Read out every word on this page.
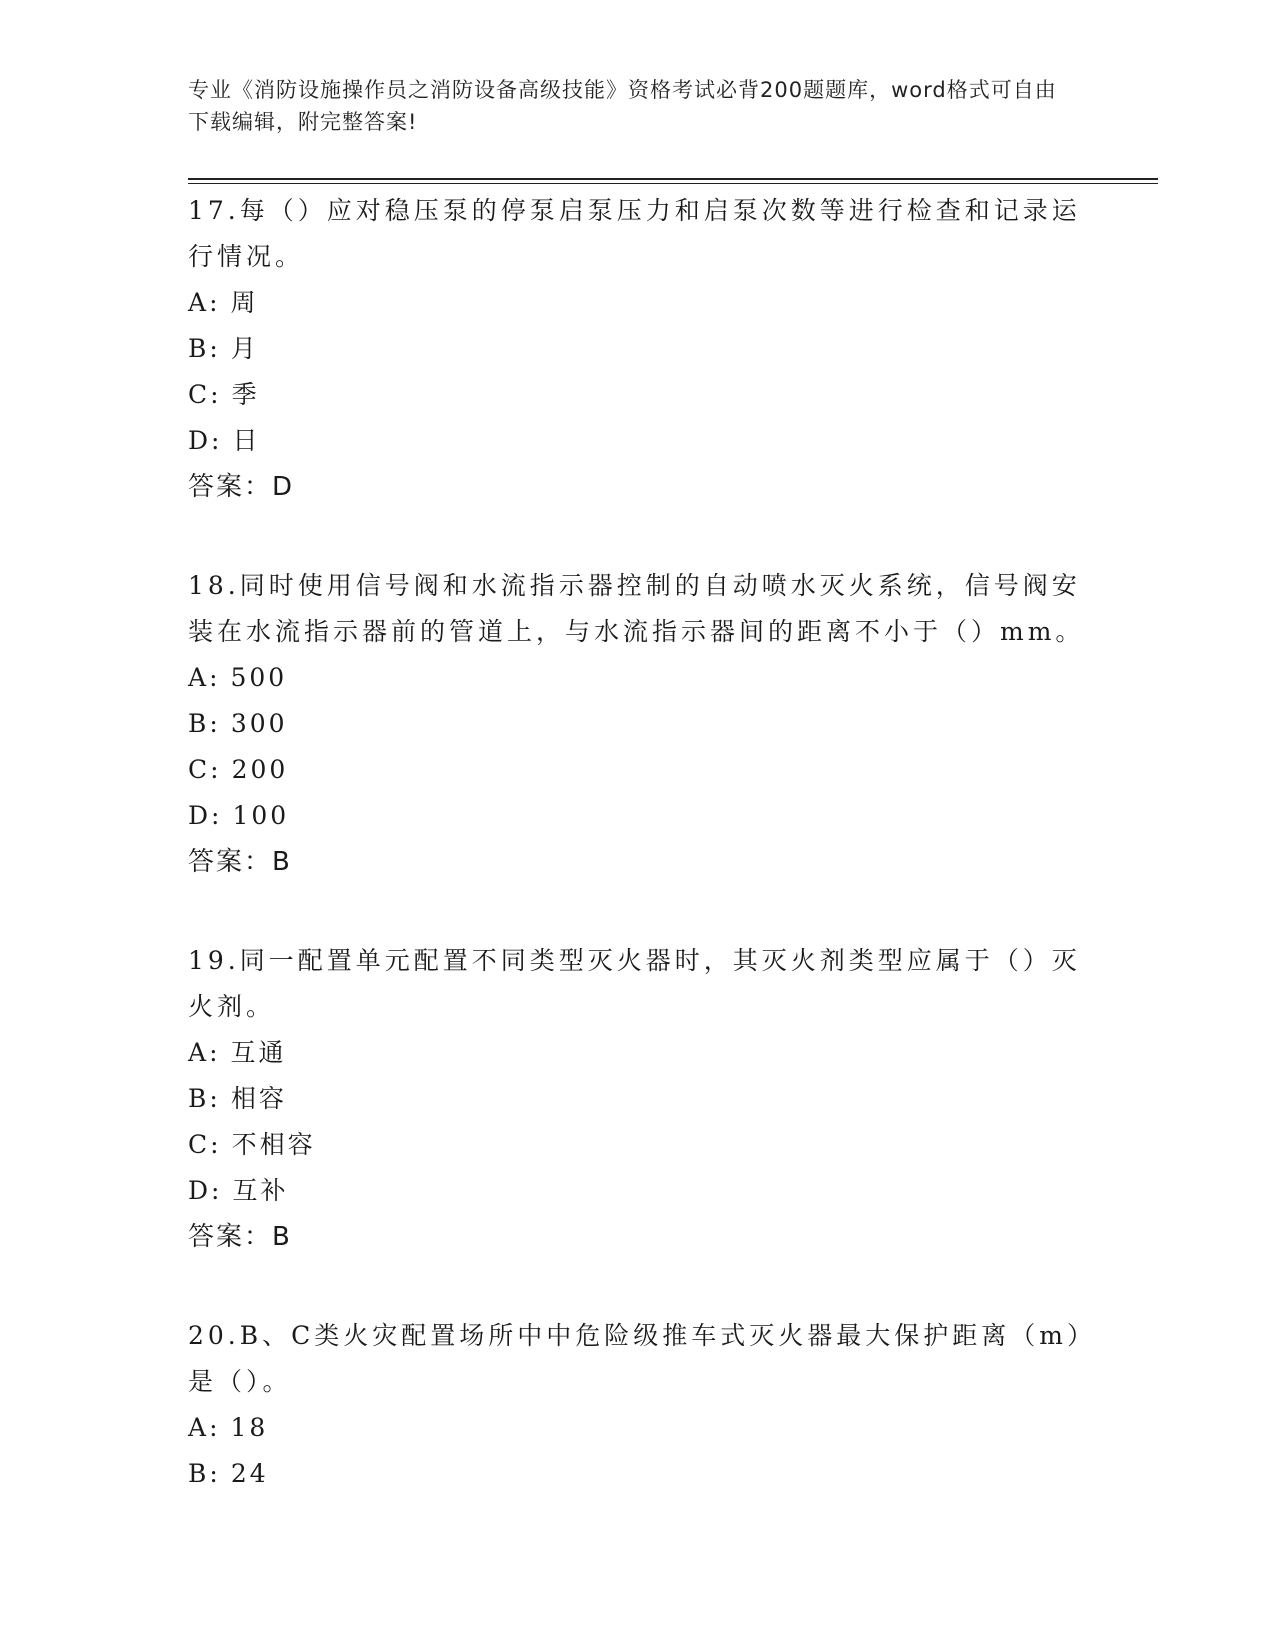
专业《消防设施操作员之消防设备高级技能》资格考试必背200题题库，word格式可自由下载编辑，附完整答案!

17.每（）应对稳压泵的停泵启泵压力和启泵次数等进行检查和记录运行情况。

A: 周

B: 月

C: 季

D: 日

答案：D

18.同时使用信号阀和水流指示器控制的自动喷水灭火系统，信号阀安装在水流指示器前的管道上，与水流指示器间的距离不小于（）mm。

A: 500

B: 300

C: 200

D: 100

答案：B

19.同一配置单元配置不同类型灭火器时，其灭火剂类型应属于（）灭火剂。

A: 互通

B: 相容

C: 不相容

D: 互补

答案：B

20.B、C类火灾配置场所中中危险级推车式灭火器最大保护距离（m）是（）。

A: 18

B: 24
